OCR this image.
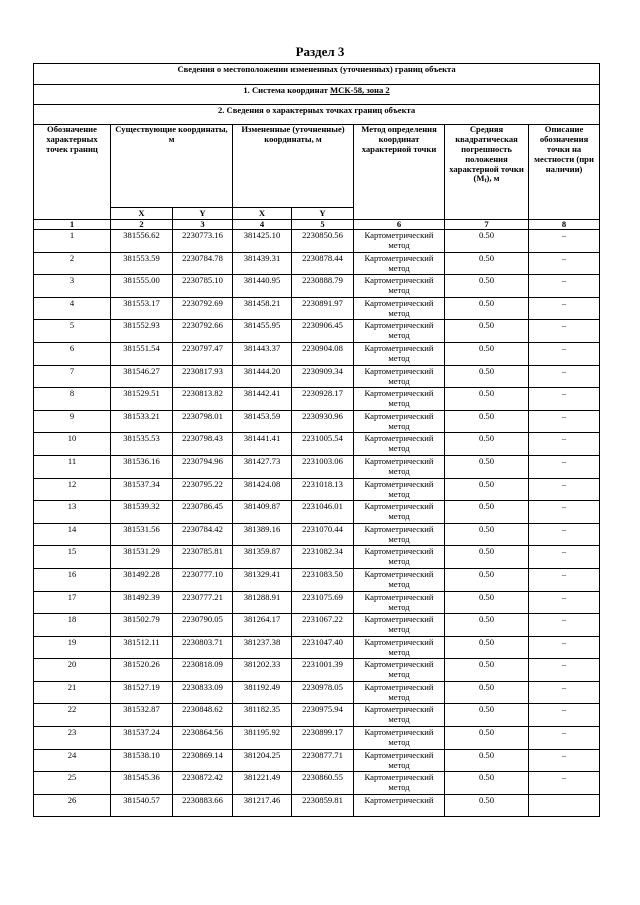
Раздел 3
Сведения о местоположении измененных (уточненных) границ объекта							
1. Система координат МСК-58, зона 2							
2. Сведения о характерных точках границ объекта							
Обозначение характерных точек границ	Существующие координаты, м		Измененные (уточненные) координаты, м		Метод определения координат характерной точки	Средняя квадратическая погрешность положения характерной точки (Mt), м	Описание обозначения точки на местности (при наличии)
	X	Y	X	Y			
1	2	3	4	5	6	7	8
1	381556.62	2230773.16	381425.10	2230850.56	Картометрический метод	0.50	–
2	381553.59	2230784.78	381439.31	2230878.44	Картометрический метод	0.50	–
3	381555.00	2230785.10	381440.95	2230888.79	Картометрический метод	0.50	–
4	381553.17	2230792.69	381458.21	2230891.97	Картометрический метод	0.50	–
5	381552.93	2230792.66	381455.95	2230906.45	Картометрический метод	0.50	–
6	381551.54	2230797.47	381443.37	2230904.08	Картометрический метод	0.50	–
7	381546.27	2230817.93	381444.20	2230909.34	Картометрический метод	0.50	–
8	381529.51	2230813.82	381442.41	2230928.17	Картометрический метод	0.50	–
9	381533.21	2230798.01	381453.59	2230930.96	Картометрический метод	0.50	–
10	381535.53	2230798.43	381441.41	2231005.54	Картометрический метод	0.50	–
11	381536.16	2230794.96	381427.73	2231003.06	Картометрический метод	0.50	–
12	381537.34	2230795.22	381424.08	2231018.13	Картометрический метод	0.50	–
13	381539.32	2230786.45	381409.87	2231046.01	Картометрический метод	0.50	–
14	381531.56	2230784.42	381389.16	2231070.44	Картометрический метод	0.50	–
15	381531.29	2230785.81	381359.87	2231082.34	Картометрический метод	0.50	–
16	381492.28	2230777.10	381329.41	2231083.50	Картометрический метод	0.50	–
17	381492.39	2230777.21	381288.91	2231075.69	Картометрический метод	0.50	–
18	381502.79	2230790.05	381264.17	2231067.22	Картометрический метод	0.50	–
19	381512.11	2230803.71	381237.38	2231047.40	Картометрический метод	0.50	–
20	381520.26	2230818.09	381202.33	2231001.39	Картометрический метод	0.50	–
21	381527.19	2230833.09	381192.49	2230978.05	Картометрический метод	0.50	–
22	381532.87	2230848.62	381182.35	2230975.94	Картометрический метод	0.50	–
23	381537.24	2230864.56	381195.92	2230899.17	Картометрический метод	0.50	–
24	381538.10	2230869.14	381204.25	2230877.71	Картометрический метод	0.50	–
25	381545.36	2230872.42	381221.49	2230860.55	Картометрический метод	0.50	–
26	381540.57	2230883.66	381217.46	2230859.81	Картометрический	0.50	
